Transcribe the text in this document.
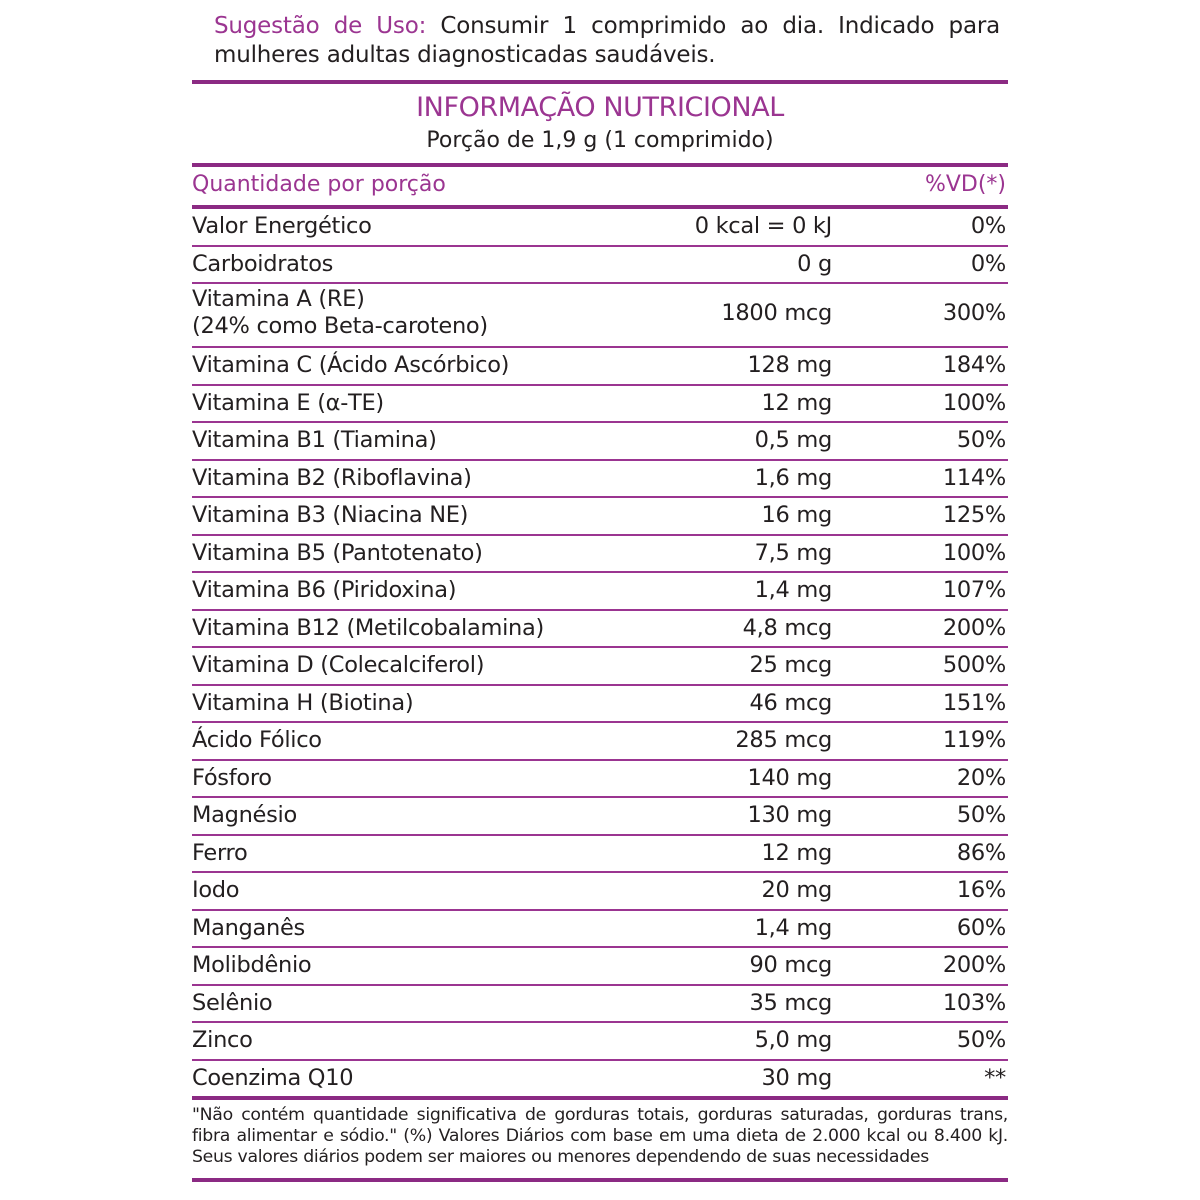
Sugestão de Uso: Consumir 1 comprimido ao dia. Indicado para mulheres adultas diagnosticadas saudáveis.
INFORMAÇÃO NUTRICIONAL
Porção de 1,9 g (1 comprimido)
Quantidade por porção	%VD(*)
Valor Energético	0 kcal = 0 kJ	0%
Carboidratos	0 g	0%
Vitamina A (RE)
(24% como Beta-caroteno)	1800 mcg	300%
Vitamina C (Ácido Ascórbico)	128 mg	184%
Vitamina E (α-TE)	12 mg	100%
Vitamina B1 (Tiamina)	0,5 mg	50%
Vitamina B2 (Riboflavina)	1,6 mg	114%
Vitamina B3 (Niacina NE)	16 mg	125%
Vitamina B5 (Pantotenato)	7,5 mg	100%
Vitamina B6 (Piridoxina)	1,4 mg	107%
Vitamina B12 (Metilcobalamina)	4,8 mcg	200%
Vitamina D (Colecalciferol)	25 mcg	500%
Vitamina H (Biotina)	46 mcg	151%
Ácido Fólico	285 mcg	119%
Fósforo	140 mg	20%
Magnésio	130 mg	50%
Ferro	12 mg	86%
Iodo	20 mg	16%
Manganês	1,4 mg	60%
Molibdênio	90 mcg	200%
Selênio	35 mcg	103%
Zinco	5,0 mg	50%
Coenzima Q10	30 mg	**
"Não contém quantidade significativa de gorduras totais, gorduras saturadas, gorduras trans, fibra alimentar e sódio." (%) Valores Diários com base em uma dieta de 2.000 kcal ou 8.400 kJ. Seus valores diários podem ser maiores ou menores dependendo de suas necessidades
